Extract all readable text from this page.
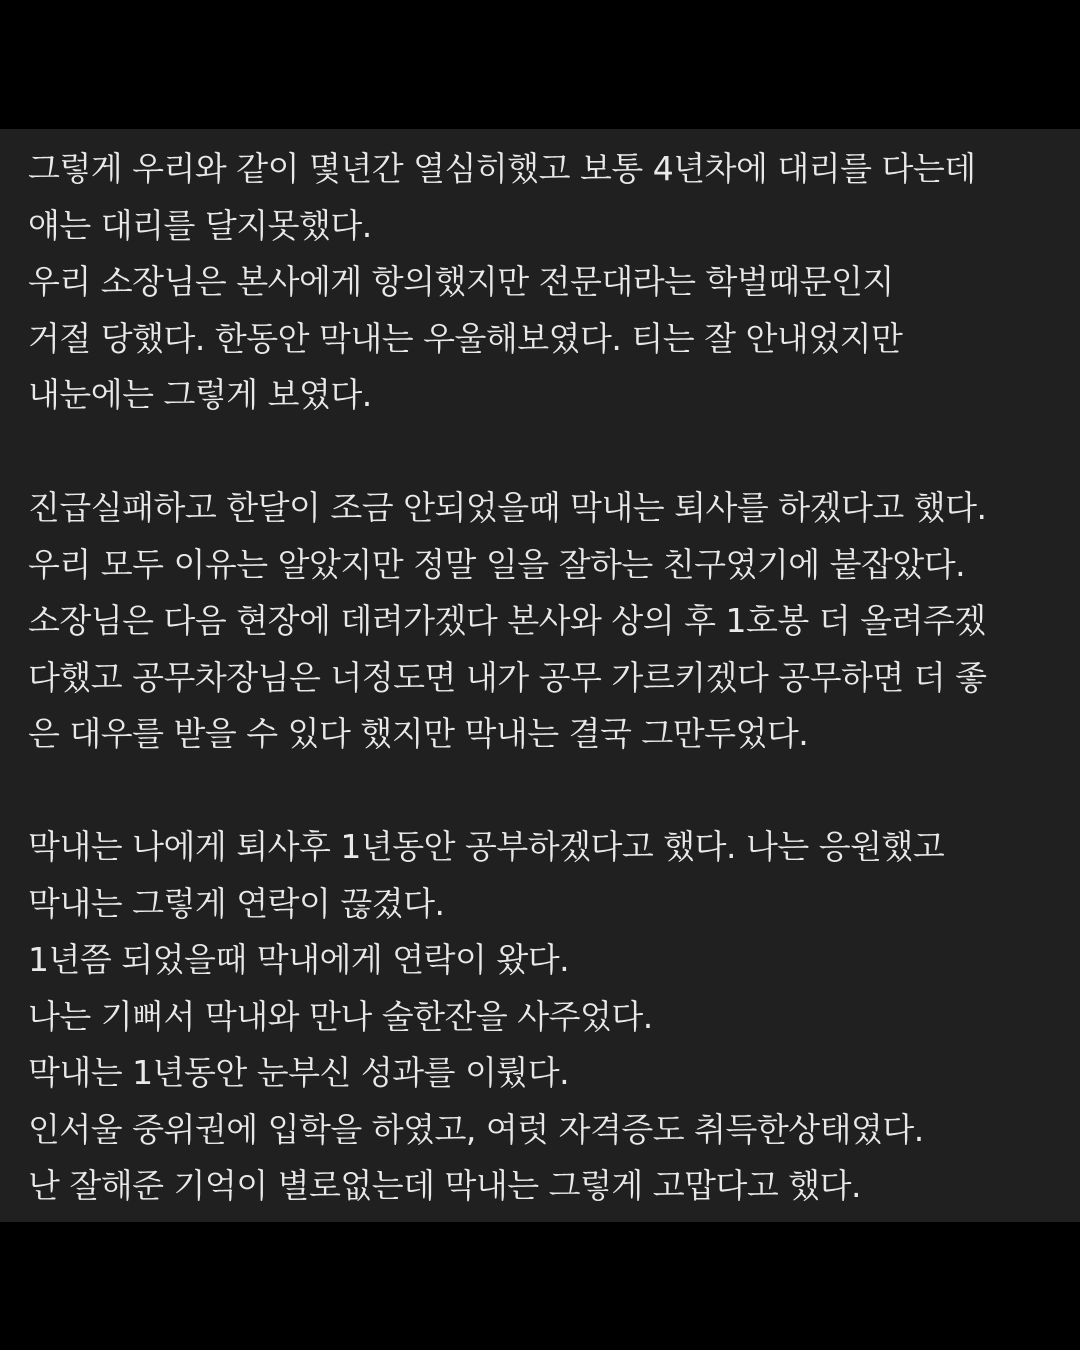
그렇게 우리와 같이 몇년간 열심히했고 보통 4년차에 대리를 다는데
얘는 대리를 달지못했다.
우리 소장님은 본사에게 항의했지만 전문대라는 학벌때문인지
거절 당했다. 한동안 막내는 우울해보였다. 티는 잘 안내었지만
내눈에는 그렇게 보였다.
진급실패하고 한달이 조금 안되었을때 막내는 퇴사를 하겠다고 했다.
우리 모두 이유는 알았지만 정말 일을 잘하는 친구였기에 붙잡았다.
소장님은 다음 현장에 데려가겠다 본사와 상의 후 1호봉 더 올려주겠
다했고 공무차장님은 너정도면 내가 공무 가르키겠다 공무하면 더 좋
은 대우를 받을 수 있다 했지만 막내는 결국 그만두었다.
막내는 나에게 퇴사후 1년동안 공부하겠다고 했다. 나는 응원했고
막내는 그렇게 연락이 끊겼다.
1년쯤 되었을때 막내에게 연락이 왔다.
나는 기뻐서 막내와 만나 술한잔을 사주었다.
막내는 1년동안 눈부신 성과를 이뤘다.
인서울 중위권에 입학을 하였고, 여럿 자격증도 취득한상태였다.
난 잘해준 기억이 별로없는데 막내는 그렇게 고맙다고 했다.
